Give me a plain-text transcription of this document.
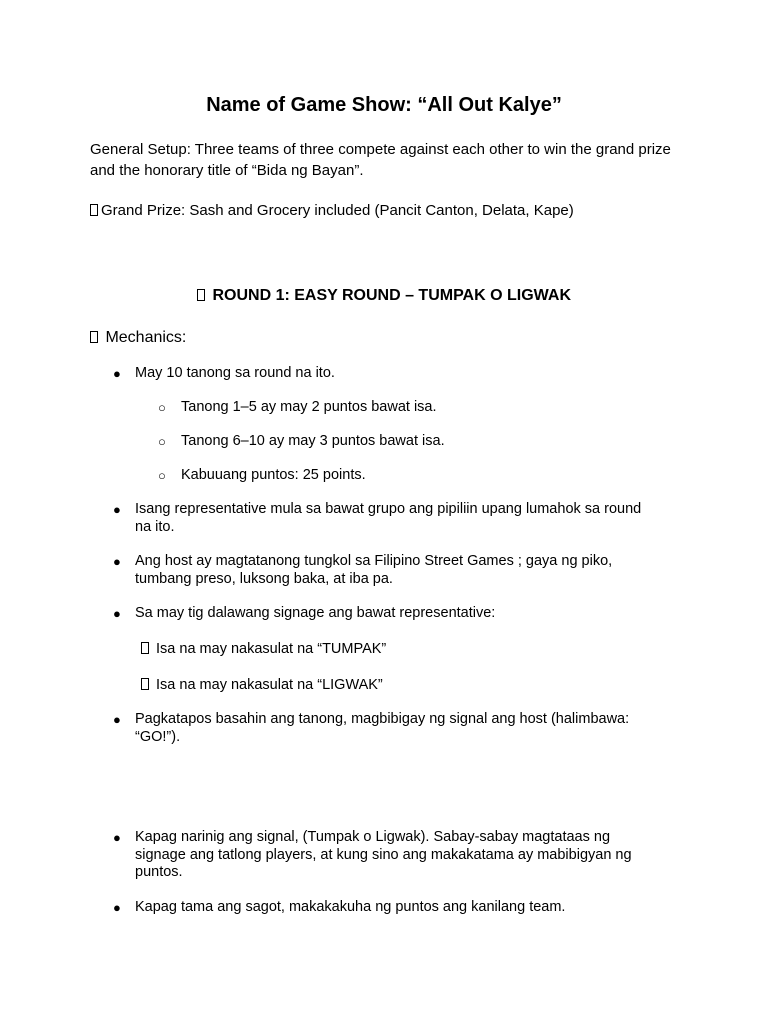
Name of Game Show: “All Out Kalye”

General Setup: Three teams of three compete against each other to win the grand prize

and the honorary title of “Bida ng Bayan”.

Grand Prize: Sash and Grocery included (Pancit Canton, Delata, Kape)

ROUND 1: EASY ROUND – TUMPAK O LIGWAK

Mechanics:

● May 10 tanong sa round na ito.
○ Tanong 1–5 ay may 2 puntos bawat isa.
○ Tanong 6–10 ay may 3 puntos bawat isa.
○ Kabuuang puntos: 25 points.
● Isang representative mula sa bawat grupo ang pipiliin upang lumahok sa round
na ito.
● Ang host ay magtatanong tungkol sa Filipino Street Games ; gaya ng piko,
tumbang preso, luksong baka, at iba pa.
● Sa may tig dalawang signage ang bawat representative:
Isa na may nakasulat na “TUMPAK”
Isa na may nakasulat na “LIGWAK”
● Pagkatapos basahin ang tanong, magbibigay ng signal ang host (halimbawa:
“GO!”).
● Kapag narinig ang signal, (Tumpak o Ligwak). Sabay-sabay magtataas ng
signage ang tatlong players, at kung sino ang makakatama ay mabibigyan ng
puntos.
● Kapag tama ang sagot, makakakuha ng puntos ang kanilang team.
